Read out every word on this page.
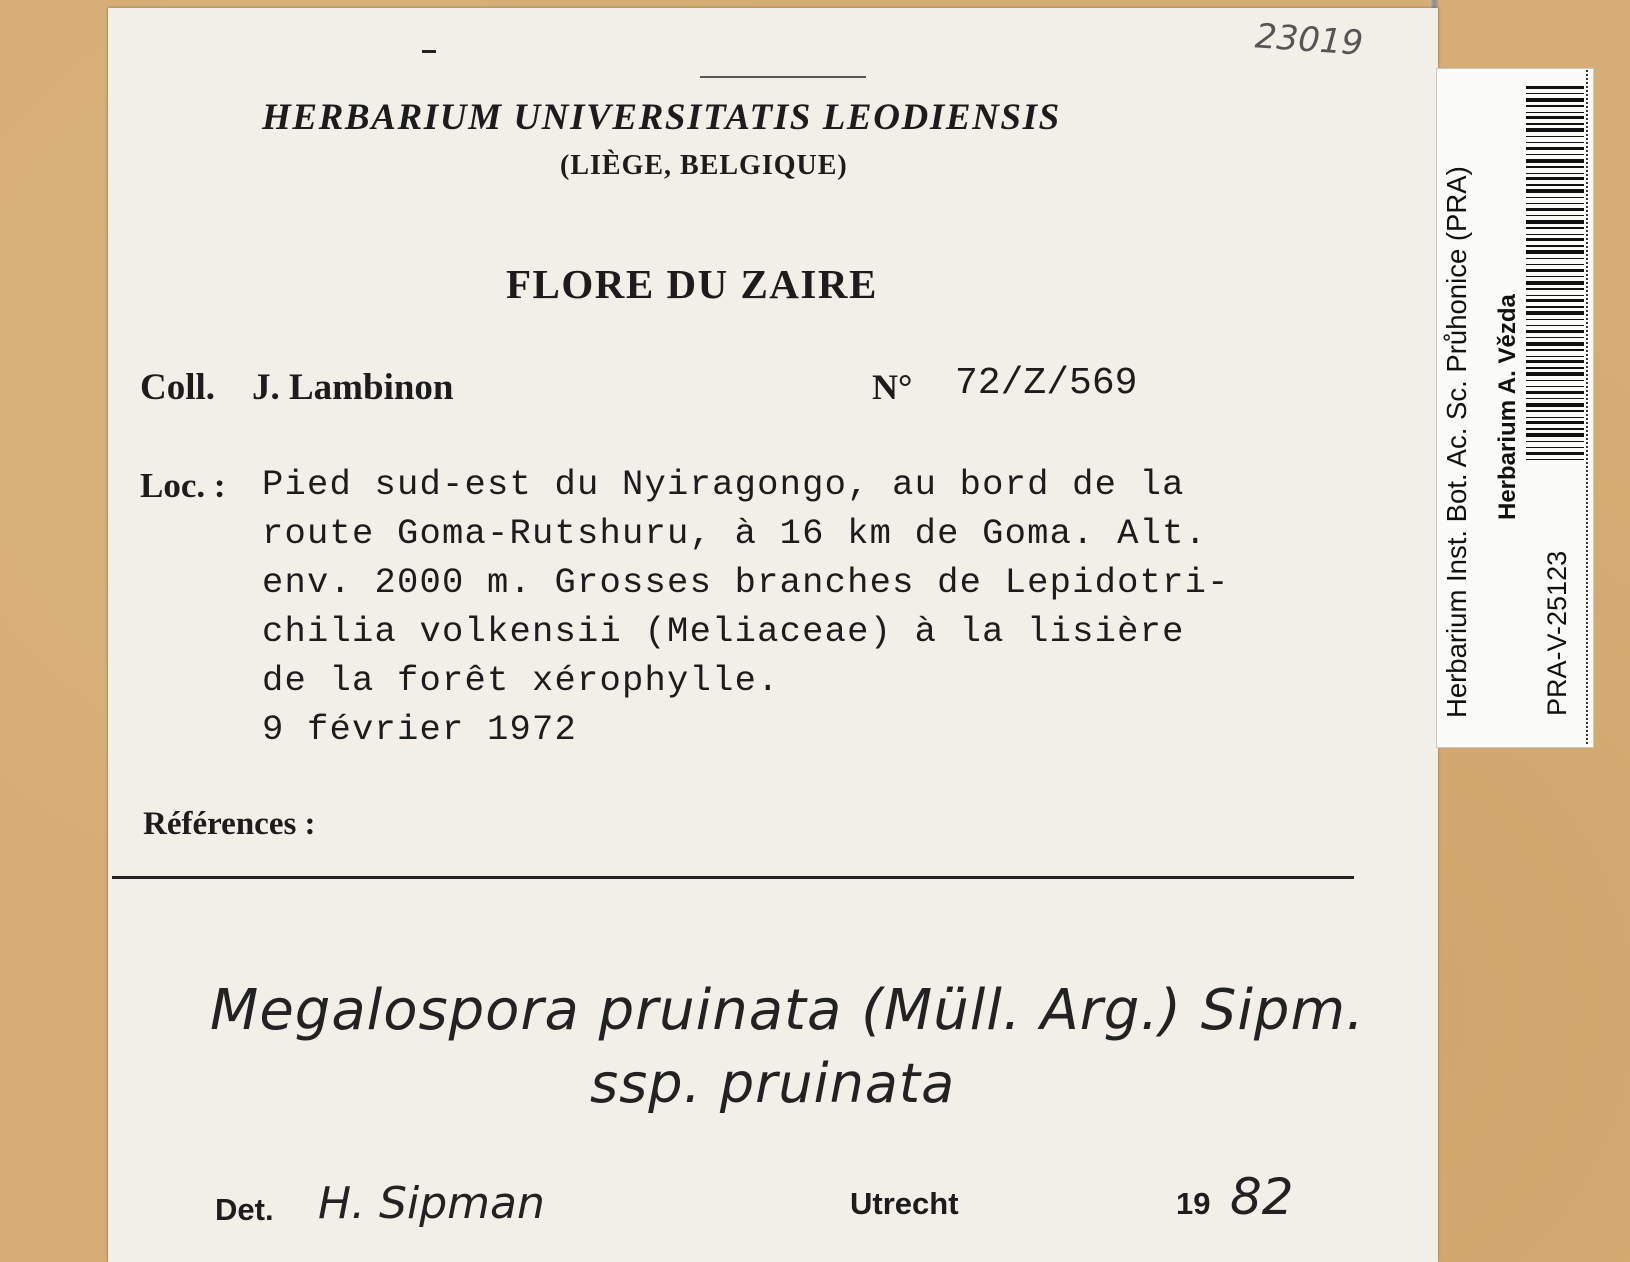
23019
HERBARIUM UNIVERSITATIS LEODIENSIS
(LIÈGE, BELGIQUE)
FLORE DU ZAIRE
Coll. J. Lambinon	N° 72/Z/569
Loc. : Pied sud-est du Nyiragongo, au bord de la
route Goma-Rutshuru, à 16 km de Goma. Alt.
env. 2000 m. Grosses branches de Lepidotri-
chilia volkensii (Meliaceae) à la lisière
de la forêt xérophylle.
9 février 1972
Références :
Megalospora pruinata (Müll. Arg.) Sipm.
ssp. pruinata
Det. H. Sipman	Utrecht	19 82
Herbarium Inst. Bot. Ac. Sc. Průhonice (PRA) Herbarium A. Vězda
PRA-V-25123
